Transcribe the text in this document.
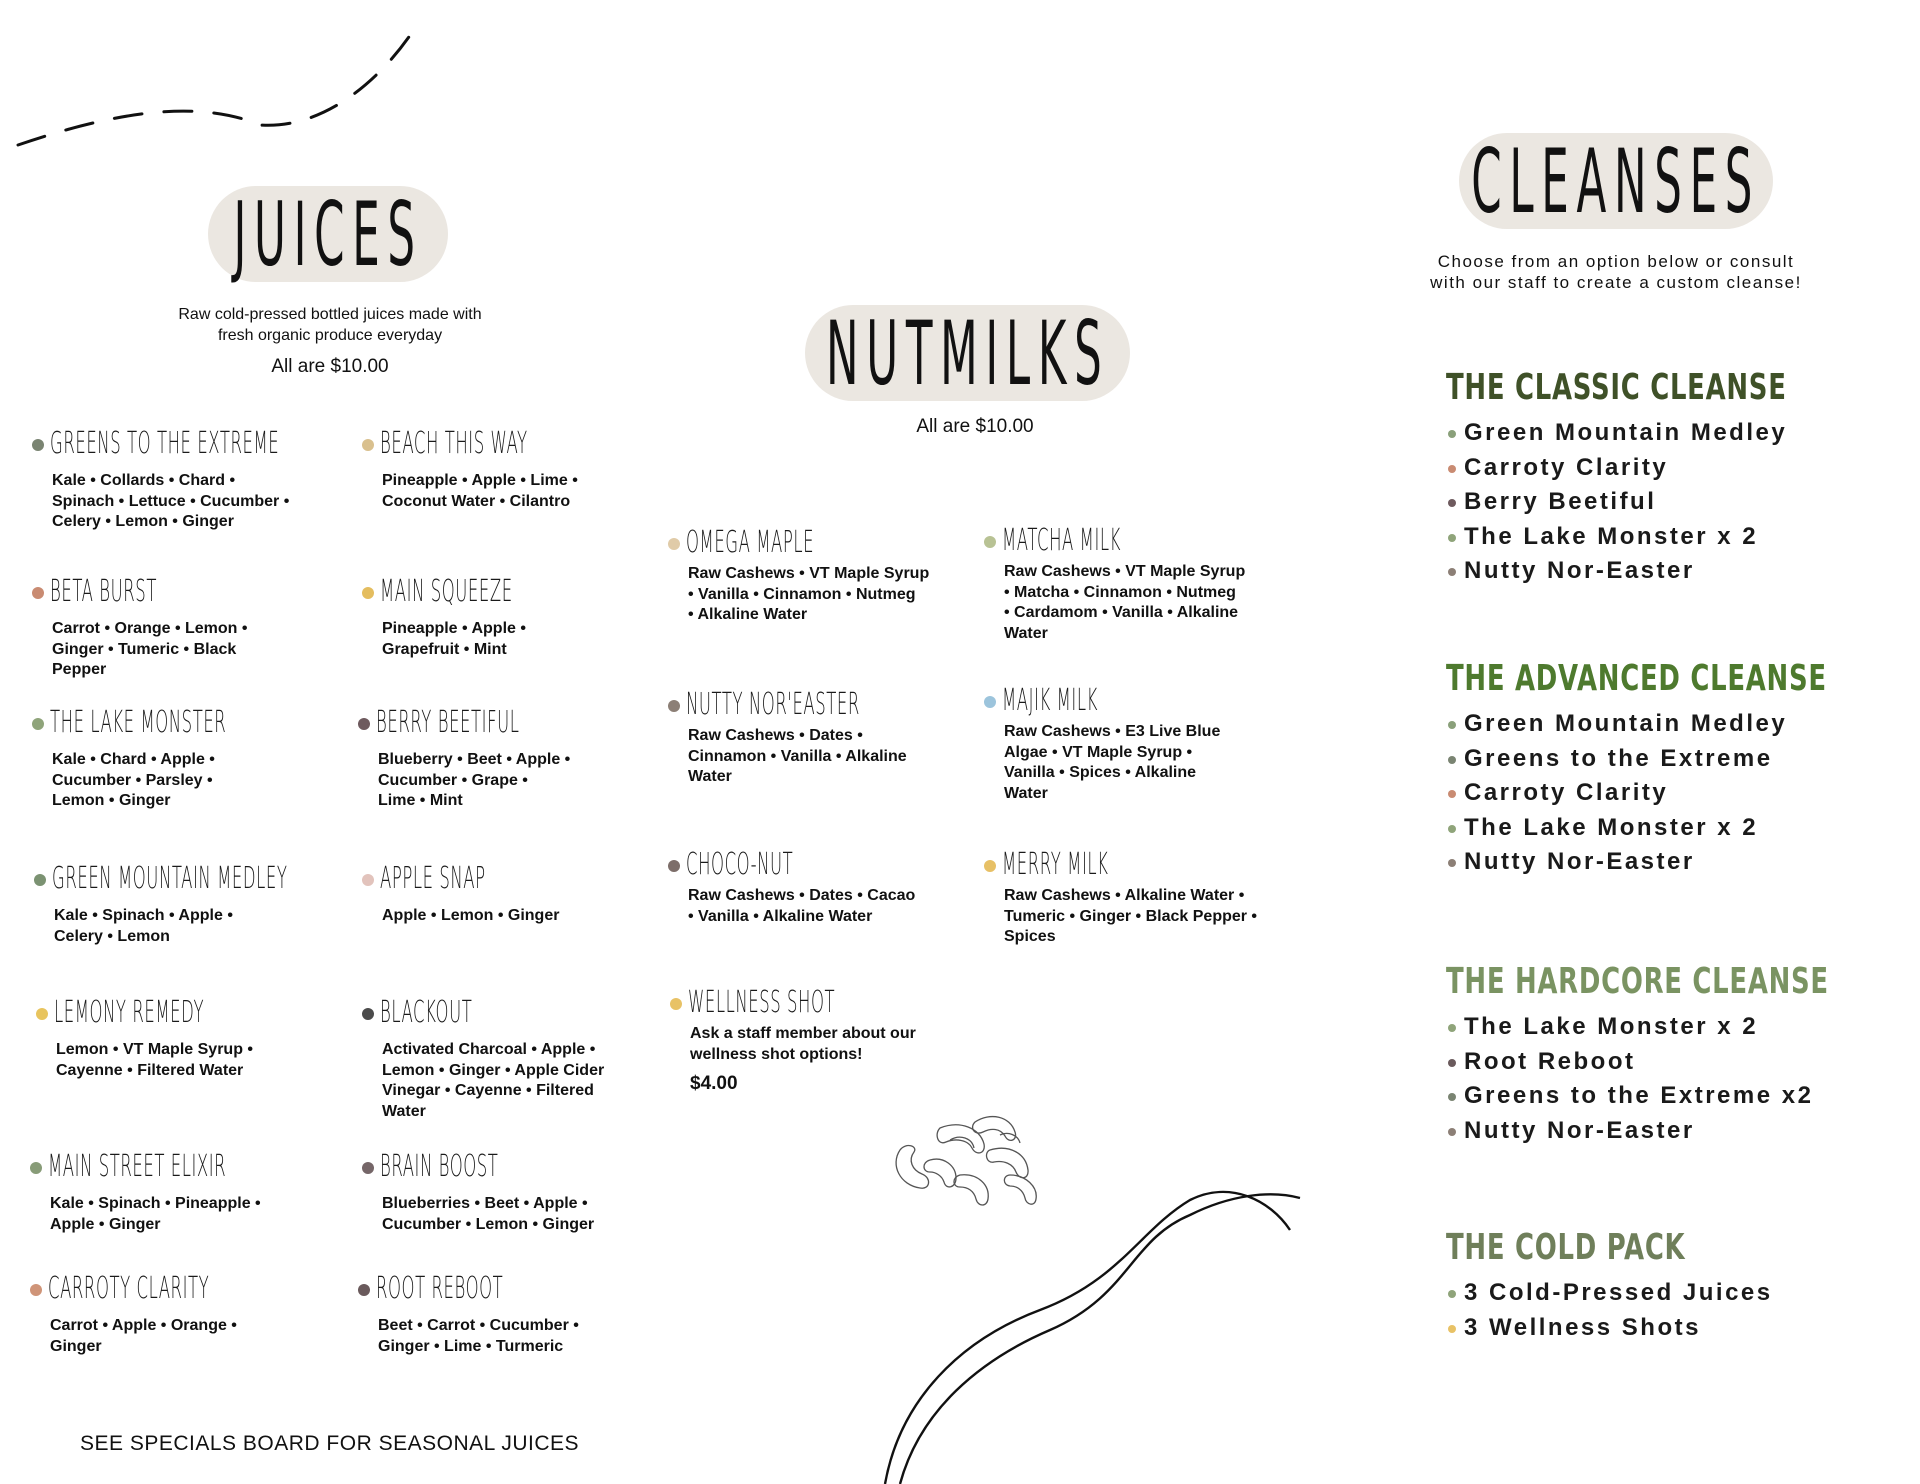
JUICES
Raw cold-pressed bottled juices made with
fresh organic produce everyday
All are $10.00
GREENS TO THE EXTREME
Kale • Collards • Chard •
Spinach • Lettuce • Cucumber •
Celery • Lemon • Ginger
BEACH THIS WAY
Pineapple • Apple • Lime •
Coconut Water • Cilantro
BETA BURST
Carrot • Orange • Lemon •
Ginger • Tumeric • Black
Pepper
MAIN SQUEEZE
Pineapple • Apple •
Grapefruit • Mint
THE LAKE MONSTER
Kale • Chard • Apple •
Cucumber • Parsley •
Lemon • Ginger
BERRY BEETIFUL
Blueberry • Beet • Apple •
Cucumber • Grape •
Lime • Mint
GREEN MOUNTAIN MEDLEY
Kale • Spinach • Apple •
Celery • Lemon
APPLE SNAP
Apple • Lemon • Ginger
LEMONY REMEDY
Lemon • VT Maple Syrup •
Cayenne • Filtered Water
BLACKOUT
Activated Charcoal • Apple •
Lemon • Ginger • Apple Cider
Vinegar • Cayenne • Filtered
Water
MAIN STREET ELIXIR
Kale • Spinach • Pineapple •
Apple • Ginger
BRAIN BOOST
Blueberries • Beet • Apple •
Cucumber • Lemon • Ginger
CARROTY CLARITY
Carrot • Apple • Orange •
Ginger
ROOT REBOOT
Beet • Carrot • Cucumber •
Ginger • Lime • Turmeric
SEE SPECIALS BOARD FOR SEASONAL JUICES
NUTMILKS
All are $10.00
OMEGA MAPLE
Raw Cashews • VT Maple Syrup
• Vanilla • Cinnamon • Nutmeg
• Alkaline Water
MATCHA MILK
Raw Cashews • VT Maple Syrup
• Matcha • Cinnamon • Nutmeg
• Cardamom • Vanilla • Alkaline
Water
NUTTY NOR'EASTER
Raw Cashews • Dates •
Cinnamon • Vanilla • Alkaline
Water
MAJIK MILK
Raw Cashews • E3 Live Blue
Algae • VT Maple Syrup •
Vanilla • Spices • Alkaline
Water
CHOCO-NUT
Raw Cashews • Dates • Cacao
• Vanilla • Alkaline Water
MERRY MILK
Raw Cashews • Alkaline Water •
Tumeric • Ginger • Black Pepper •
Spices
WELLNESS SHOT
Ask a staff member about our
wellness shot options!
$4.00
CLEANSES
Choose from an option below or consult
with our staff to create a custom cleanse!
THE CLASSIC CLEANSE
Green Mountain Medley
Carroty Clarity
Berry Beetiful
The Lake Monster x 2
Nutty Nor-Easter
THE ADVANCED CLEANSE
Green Mountain Medley
Greens to the Extreme
Carroty Clarity
The Lake Monster x 2
Nutty Nor-Easter
THE HARDCORE CLEANSE
The Lake Monster x 2
Root Reboot
Greens to the Extreme x2
Nutty Nor-Easter
THE COLD PACK
3 Cold-Pressed Juices
3 Wellness Shots
